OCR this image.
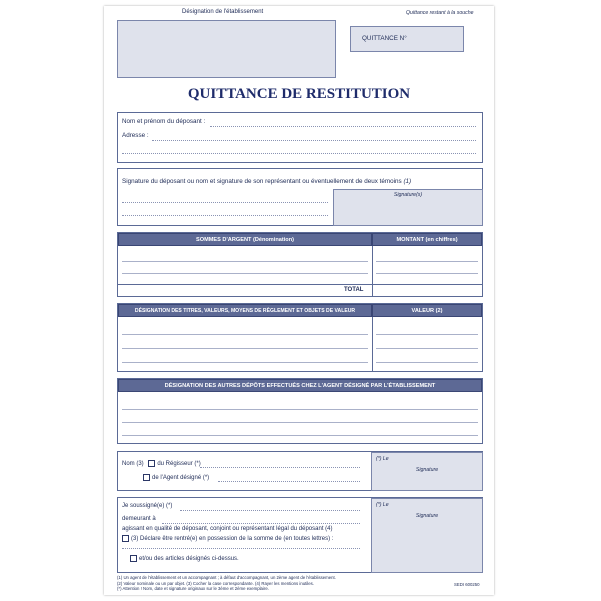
Désignation de l'établissement	Quittance restant à la souche
QUITTANCE N°
QUITTANCE DE RESTITUTION
Nom et prénom du déposant :
Adresse :
Signature du déposant ou nom et signature de son représentant ou éventuellement de deux témoins (1)
Signature(s)
SOMMES D'ARGENT (Dénomination)	MONTANT (en chiffres)
TOTAL
DÉSIGNATION DES TITRES, VALEURS, MOYENS DE RÈGLEMENT ET OBJETS DE VALEUR	VALEUR (2)
DÉSIGNATION DES AUTRES DÉPÔTS EFFECTUÉS CHEZ L'AGENT DÉSIGNÉ PAR L'ÉTABLISSEMENT
Nom (3) du Régisseur (*)
de l'Agent désigné (*)
(*) Le
Signature
Je soussigné(e) (*)
demeurant à
agissant en qualité de déposant, conjoint ou représentant légal du déposant (4)
(3) Déclare être rentré(e) en possession de la somme de (en toutes lettres) :
et/ou des articles désignés ci-dessus.
(*) Le
Signature
(1) Un agent de l'établissement et un accompagnant ; à défaut d'accompagnant, un 2ème agent de l'établissement.
(2) Valeur nominale ou un par objet. (3) Cocher la case correspondante. (4) Rayer les mentions inutiles.
(*) Attention ! Nom, date et signature originaux sur le 3ème et 2ème exemplaire.
SEDI 600250
